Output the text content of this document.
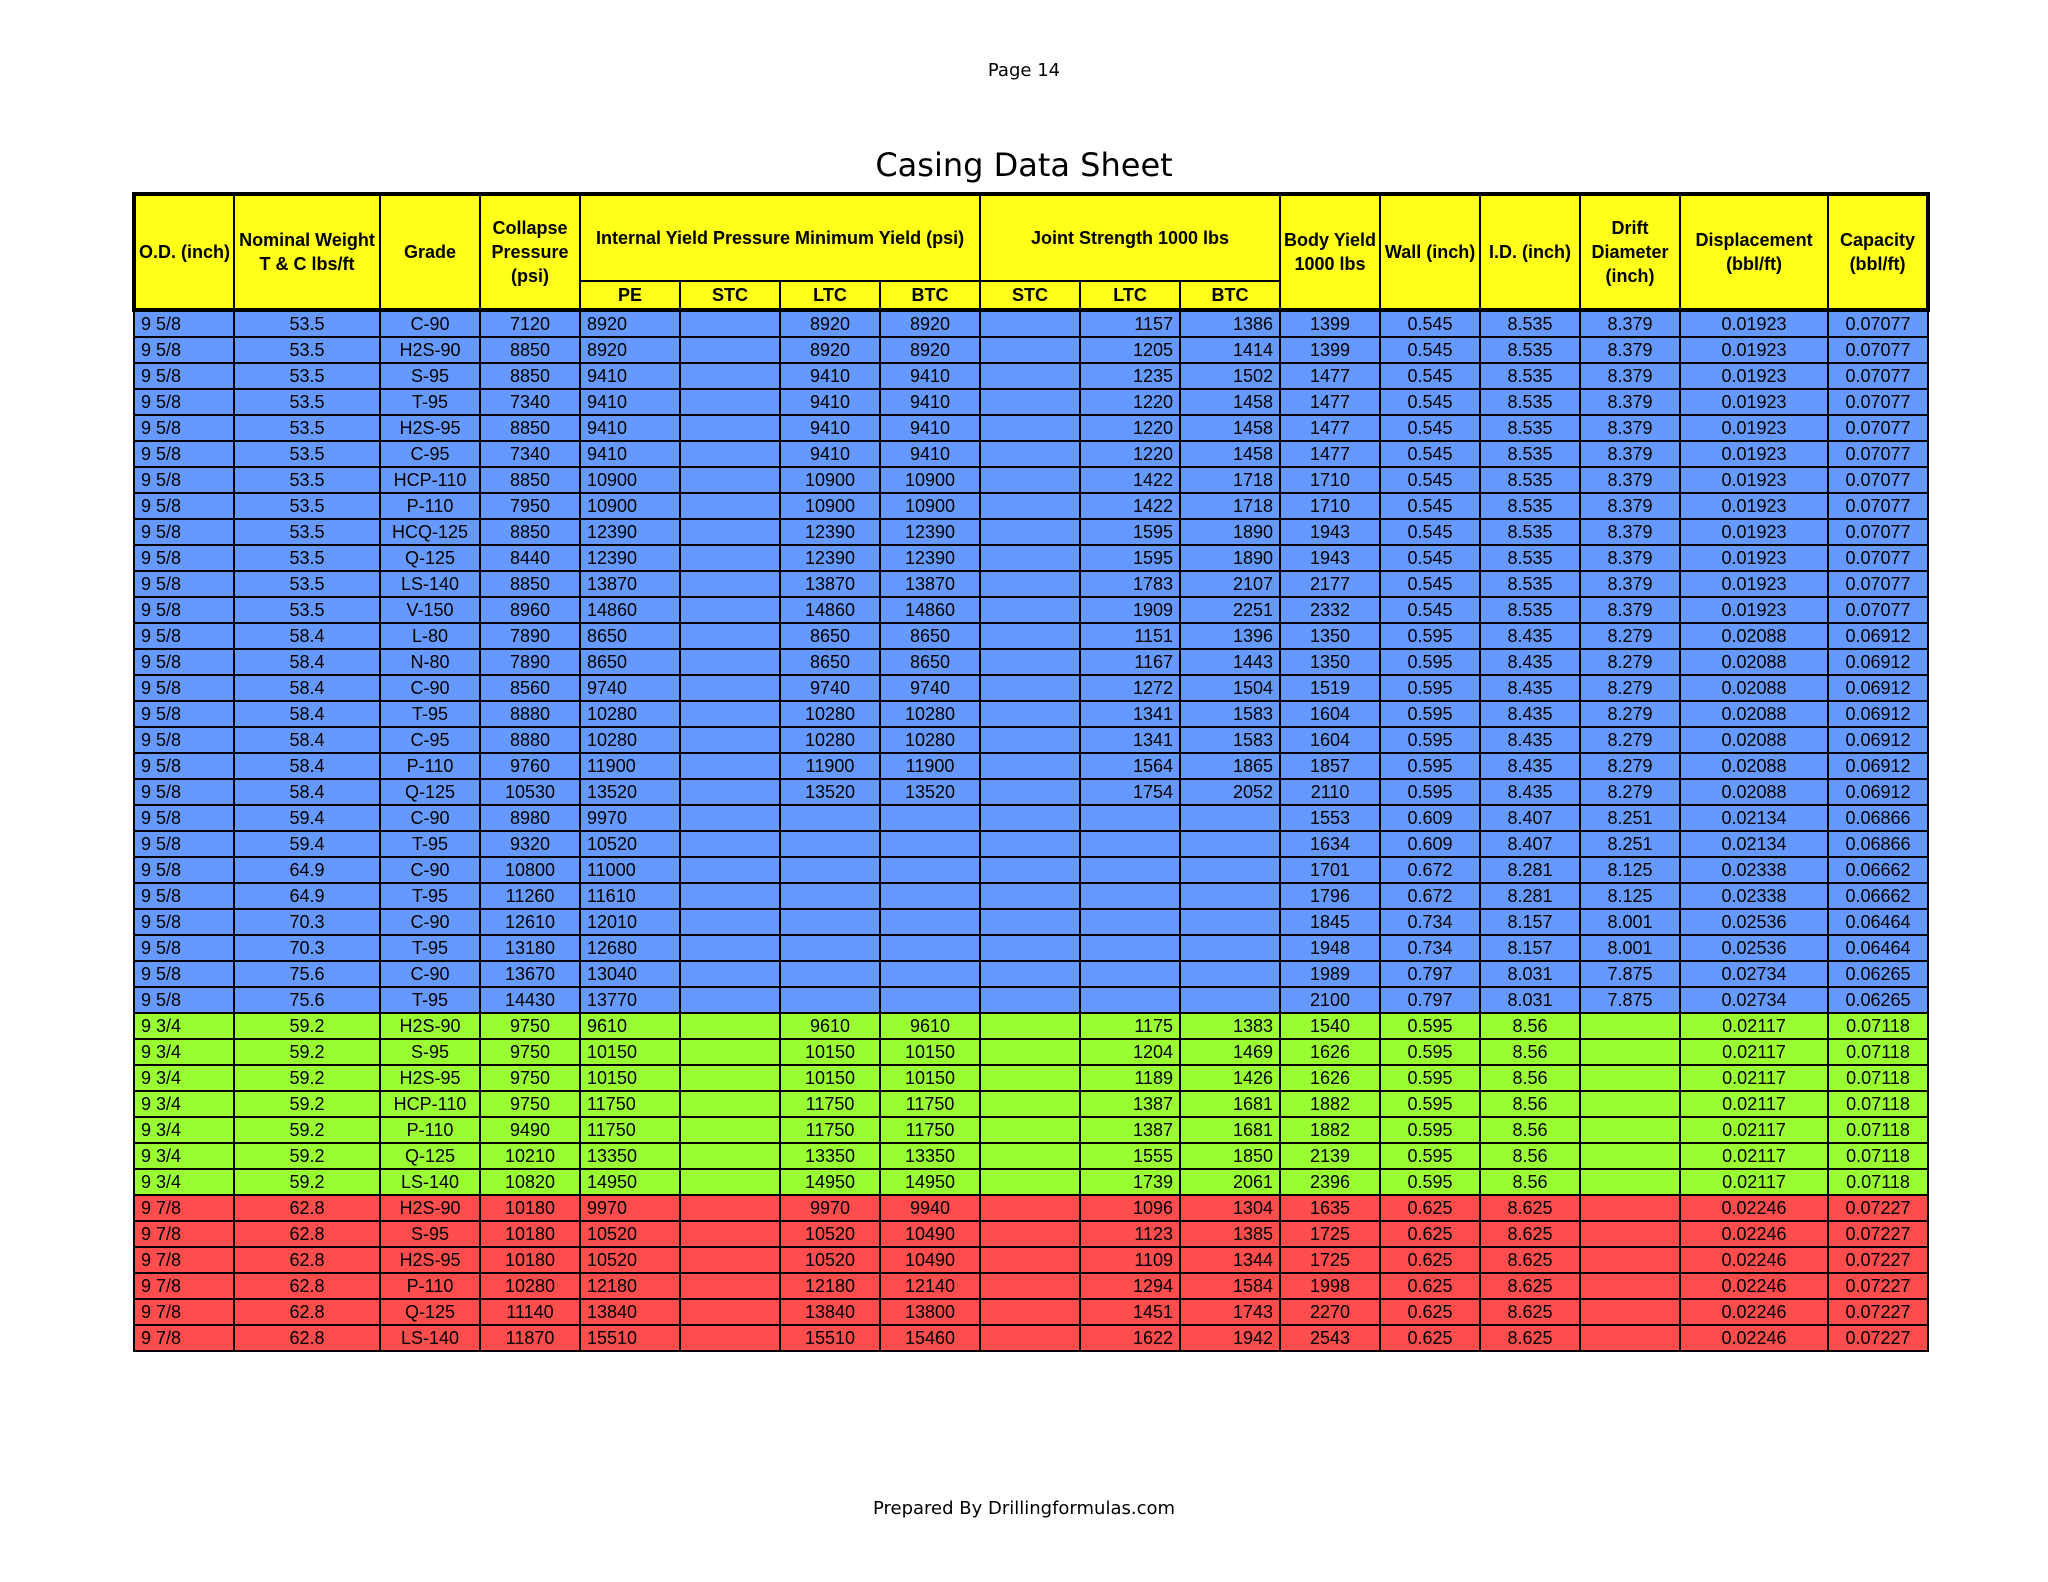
Page 14
Casing Data Sheet
O.D. (inch)	Nominal Weight T & C lbs/ft	Grade	Collapse Pressure (psi)	Internal Yield Pressure Minimum Yield (psi)				Joint Strength 1000 lbs			Body Yield 1000 lbs	Wall (inch)	I.D. (inch)	Drift Diameter (inch)	Displacement (bbl/ft)	Capacity (bbl/ft)
				PE	STC	LTC	BTC	STC	LTC	BTC						
9 5/8	53.5	C-90	7120	8920		8920	8920		1157	1386	1399	0.545	8.535	8.379	0.01923	0.07077
9 5/8	53.5	H2S-90	8850	8920		8920	8920		1205	1414	1399	0.545	8.535	8.379	0.01923	0.07077
9 5/8	53.5	S-95	8850	9410		9410	9410		1235	1502	1477	0.545	8.535	8.379	0.01923	0.07077
9 5/8	53.5	T-95	7340	9410		9410	9410		1220	1458	1477	0.545	8.535	8.379	0.01923	0.07077
9 5/8	53.5	H2S-95	8850	9410		9410	9410		1220	1458	1477	0.545	8.535	8.379	0.01923	0.07077
9 5/8	53.5	C-95	7340	9410		9410	9410		1220	1458	1477	0.545	8.535	8.379	0.01923	0.07077
9 5/8	53.5	HCP-110	8850	10900		10900	10900		1422	1718	1710	0.545	8.535	8.379	0.01923	0.07077
9 5/8	53.5	P-110	7950	10900		10900	10900		1422	1718	1710	0.545	8.535	8.379	0.01923	0.07077
9 5/8	53.5	HCQ-125	8850	12390		12390	12390		1595	1890	1943	0.545	8.535	8.379	0.01923	0.07077
9 5/8	53.5	Q-125	8440	12390		12390	12390		1595	1890	1943	0.545	8.535	8.379	0.01923	0.07077
9 5/8	53.5	LS-140	8850	13870		13870	13870		1783	2107	2177	0.545	8.535	8.379	0.01923	0.07077
9 5/8	53.5	V-150	8960	14860		14860	14860		1909	2251	2332	0.545	8.535	8.379	0.01923	0.07077
9 5/8	58.4	L-80	7890	8650		8650	8650		1151	1396	1350	0.595	8.435	8.279	0.02088	0.06912
9 5/8	58.4	N-80	7890	8650		8650	8650		1167	1443	1350	0.595	8.435	8.279	0.02088	0.06912
9 5/8	58.4	C-90	8560	9740		9740	9740		1272	1504	1519	0.595	8.435	8.279	0.02088	0.06912
9 5/8	58.4	T-95	8880	10280		10280	10280		1341	1583	1604	0.595	8.435	8.279	0.02088	0.06912
9 5/8	58.4	C-95	8880	10280		10280	10280		1341	1583	1604	0.595	8.435	8.279	0.02088	0.06912
9 5/8	58.4	P-110	9760	11900		11900	11900		1564	1865	1857	0.595	8.435	8.279	0.02088	0.06912
9 5/8	58.4	Q-125	10530	13520		13520	13520		1754	2052	2110	0.595	8.435	8.279	0.02088	0.06912
9 5/8	59.4	C-90	8980	9970							1553	0.609	8.407	8.251	0.02134	0.06866
9 5/8	59.4	T-95	9320	10520							1634	0.609	8.407	8.251	0.02134	0.06866
9 5/8	64.9	C-90	10800	11000							1701	0.672	8.281	8.125	0.02338	0.06662
9 5/8	64.9	T-95	11260	11610							1796	0.672	8.281	8.125	0.02338	0.06662
9 5/8	70.3	C-90	12610	12010							1845	0.734	8.157	8.001	0.02536	0.06464
9 5/8	70.3	T-95	13180	12680							1948	0.734	8.157	8.001	0.02536	0.06464
9 5/8	75.6	C-90	13670	13040							1989	0.797	8.031	7.875	0.02734	0.06265
9 5/8	75.6	T-95	14430	13770							2100	0.797	8.031	7.875	0.02734	0.06265
9 3/4	59.2	H2S-90	9750	9610		9610	9610		1175	1383	1540	0.595	8.56		0.02117	0.07118
9 3/4	59.2	S-95	9750	10150		10150	10150		1204	1469	1626	0.595	8.56		0.02117	0.07118
9 3/4	59.2	H2S-95	9750	10150		10150	10150		1189	1426	1626	0.595	8.56		0.02117	0.07118
9 3/4	59.2	HCP-110	9750	11750		11750	11750		1387	1681	1882	0.595	8.56		0.02117	0.07118
9 3/4	59.2	P-110	9490	11750		11750	11750		1387	1681	1882	0.595	8.56		0.02117	0.07118
9 3/4	59.2	Q-125	10210	13350		13350	13350		1555	1850	2139	0.595	8.56		0.02117	0.07118
9 3/4	59.2	LS-140	10820	14950		14950	14950		1739	2061	2396	0.595	8.56		0.02117	0.07118
9 7/8	62.8	H2S-90	10180	9970		9970	9940		1096	1304	1635	0.625	8.625		0.02246	0.07227
9 7/8	62.8	S-95	10180	10520		10520	10490		1123	1385	1725	0.625	8.625		0.02246	0.07227
9 7/8	62.8	H2S-95	10180	10520		10520	10490		1109	1344	1725	0.625	8.625		0.02246	0.07227
9 7/8	62.8	P-110	10280	12180		12180	12140		1294	1584	1998	0.625	8.625		0.02246	0.07227
9 7/8	62.8	Q-125	11140	13840		13840	13800		1451	1743	2270	0.625	8.625		0.02246	0.07227
9 7/8	62.8	LS-140	11870	15510		15510	15460		1622	1942	2543	0.625	8.625		0.02246	0.07227
Prepared By Drillingformulas.com
